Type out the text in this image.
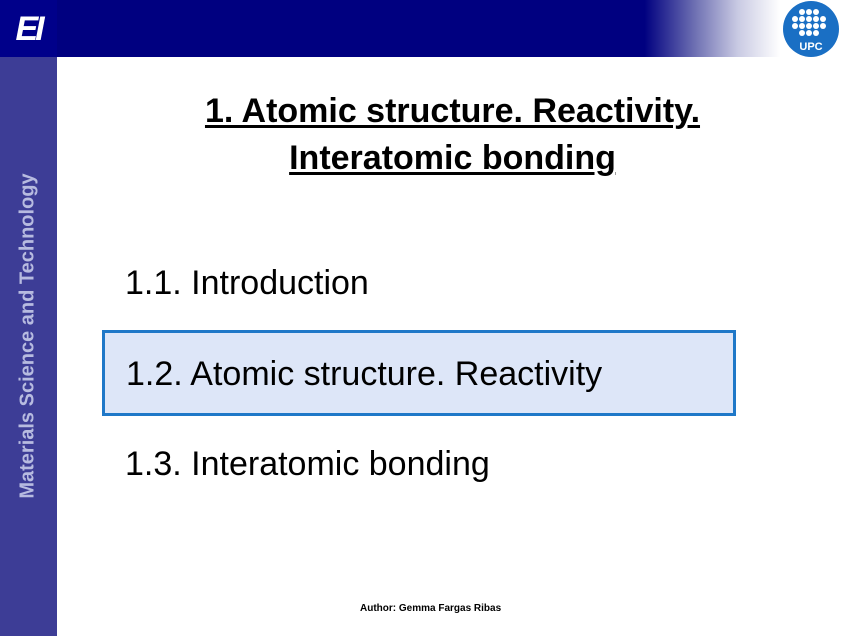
EI	UPC
Materials Science and Technology
1. Atomic structure. Reactivity.
Interatomic bonding
1.1. Introduction
1.2. Atomic structure. Reactivity
1.3. Interatomic bonding
Author: Gemma Fargas Ribas
